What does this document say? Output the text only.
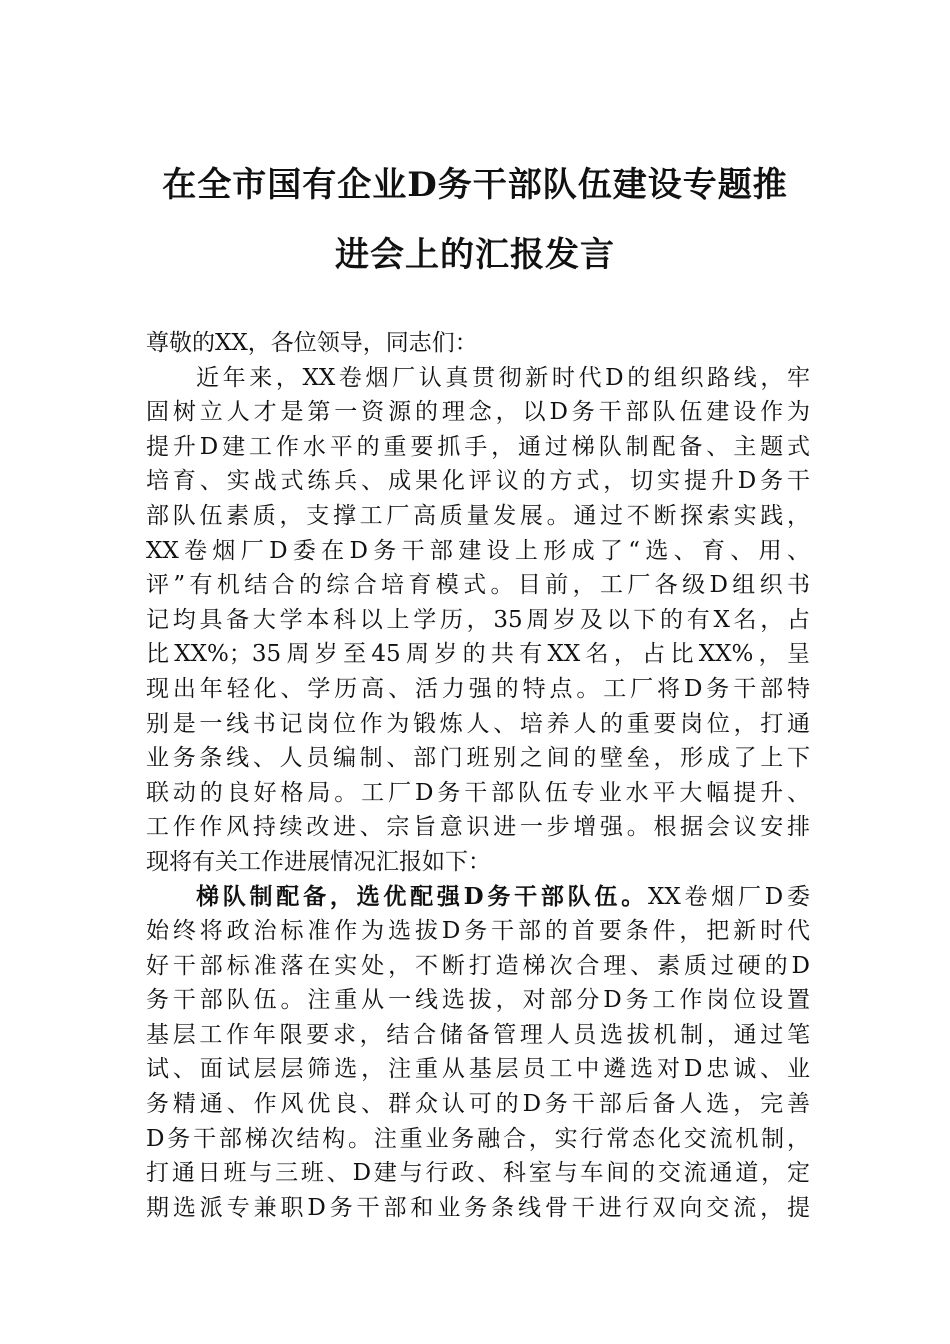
在全市国有企业D务干部队伍建设专题推
进会上的汇报发言
尊敬的XX，各位领导，同志们：
近年来，XX卷烟厂认真贯彻新时代D的组织路线，牢
固树立人才是第一资源的理念，以D务干部队伍建设作为
提升D建工作水平的重要抓手，通过梯队制配备、主题式
培育、实战式练兵、成果化评议的方式，切实提升D务干
部队伍素质，支撑工厂高质量发展。通过不断探索实践，
XX卷烟厂D委在D务干部建设上形成了“选、育、用、
评”有机结合的综合培育模式。目前，工厂各级D组织书
记均具备大学本科以上学历，35周岁及以下的有X名，占
比XX%；35周岁至45周岁的共有XX名，占比XX%，呈
现出年轻化、学历高、活力强的特点。工厂将D务干部特
别是一线书记岗位作为锻炼人、培养人的重要岗位，打通
业务条线、人员编制、部门班别之间的壁垒，形成了上下
联动的良好格局。工厂D务干部队伍专业水平大幅提升、
工作作风持续改进、宗旨意识进一步增强。根据会议安排
现将有关工作进展情况汇报如下：
梯队制配备，选优配强D务干部队伍。XX卷烟厂D委
始终将政治标准作为选拔D务干部的首要条件，把新时代
好干部标准落在实处，不断打造梯次合理、素质过硬的D
务干部队伍。注重从一线选拔，对部分D务工作岗位设置
基层工作年限要求，结合储备管理人员选拔机制，通过笔
试、面试层层筛选，注重从基层员工中遴选对D忠诚、业
务精通、作风优良、群众认可的D务干部后备人选，完善
D务干部梯次结构。注重业务融合，实行常态化交流机制，
打通日班与三班、D建与行政、科室与车间的交流通道，定
期选派专兼职D务干部和业务条线骨干进行双向交流，提
